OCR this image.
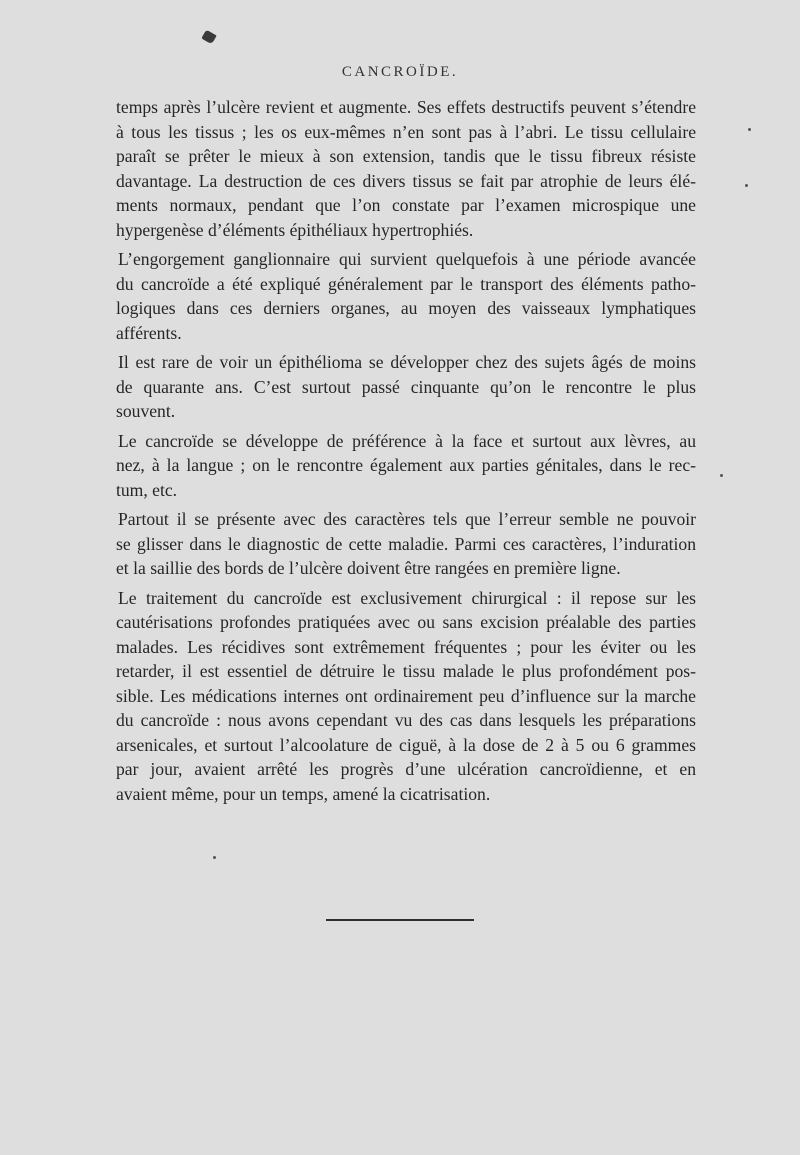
CANCROÏDE.
temps après l’ulcère revient et augmente. Ses effets destructifs peuvent s’étendre
à tous les tissus ; les os eux-mêmes n’en sont pas à l’abri. Le tissu cellulaire
paraît se prêter le mieux à son extension, tandis que le tissu fibreux résiste
davantage. La destruction de ces divers tissus se fait par atrophie de leurs élé-
ments normaux, pendant que l’on constate par l’examen microspique une
hypergenèse d’éléments épithéliaux hypertrophiés.
L’engorgement ganglionnaire qui survient quelquefois à une période avancée
du cancroïde a été expliqué généralement par le transport des éléments patho-
logiques dans ces derniers organes, au moyen des vaisseaux lymphatiques
afférents.
Il est rare de voir un épithélioma se développer chez des sujets âgés de moins
de quarante ans. C’est surtout passé cinquante qu’on le rencontre le plus
souvent.
Le cancroïde se développe de préférence à la face et surtout aux lèvres, au
nez, à la langue ; on le rencontre également aux parties génitales, dans le rec-
tum, etc.
Partout il se présente avec des caractères tels que l’erreur semble ne pouvoir
se glisser dans le diagnostic de cette maladie. Parmi ces caractères, l’induration
et la saillie des bords de l’ulcère doivent être rangées en première ligne.
Le traitement du cancroïde est exclusivement chirurgical : il repose sur les
cautérisations profondes pratiquées avec ou sans excision préalable des parties
malades. Les récidives sont extrêmement fréquentes ; pour les éviter ou les
retarder, il est essentiel de détruire le tissu malade le plus profondément pos-
sible. Les médications internes ont ordinairement peu d’influence sur la marche
du cancroïde : nous avons cependant vu des cas dans lesquels les préparations
arsenicales, et surtout l’alcoolature de ciguë, à la dose de 2 à 5 ou 6 grammes
par jour, avaient arrêté les progrès d’une ulcération cancroïdienne, et en
avaient même, pour un temps, amené la cicatrisation.
